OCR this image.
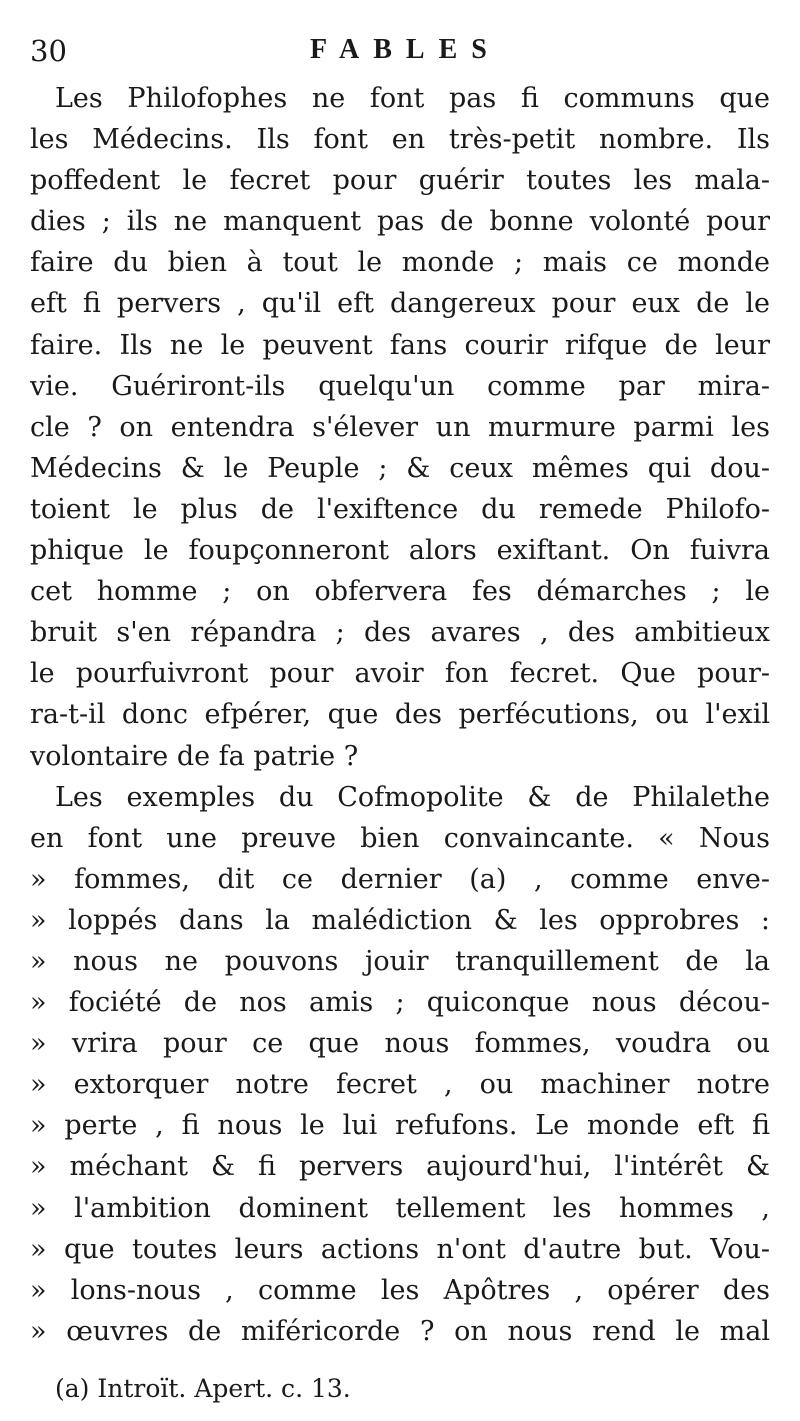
30	FABLES
Les Philofophes ne font pas fi communs que
les Médecins. Ils font en très-petit nombre. Ils
poffedent le fecret pour guérir toutes les mala-
dies ; ils ne manquent pas de bonne volonté pour
faire du bien à tout le monde ; mais ce monde
eft fi pervers , qu'il eft dangereux pour eux de le
faire. Ils ne le peuvent fans courir rifque de leur
vie. Guériront-ils quelqu'un comme par mira-
cle ? on entendra s'élever un murmure parmi les
Médecins & le Peuple ; & ceux mêmes qui dou-
toient le plus de l'exiftence du remede Philofo-
phique le foupçonneront alors exiftant. On fuivra
cet homme ; on obfervera fes démarches ; le
bruit s'en répandra ; des avares , des ambitieux
le pourfuivront pour avoir fon fecret. Que pour-
ra-t-il donc efpérer, que des perfécutions, ou l'exil
volontaire de fa patrie ?
Les exemples du Cofmopolite & de Philalethe
en font une preuve bien convaincante. « Nous
» fommes, dit ce dernier (a) , comme enve-
» loppés dans la malédiction & les opprobres :
» nous ne pouvons jouir tranquillement de la
» fociété de nos amis ; quiconque nous décou-
» vrira pour ce que nous fommes, voudra ou
» extorquer notre fecret , ou machiner notre
» perte , fi nous le lui refufons. Le monde eft fi
» méchant & fi pervers aujourd'hui, l'intérêt &
» l'ambition dominent tellement les hommes ,
» que toutes leurs actions n'ont d'autre but. Vou-
» lons-nous , comme les Apôtres , opérer des
» œuvres de miféricorde ? on nous rend le mal
(a) Introït. Apert. c. 13.
